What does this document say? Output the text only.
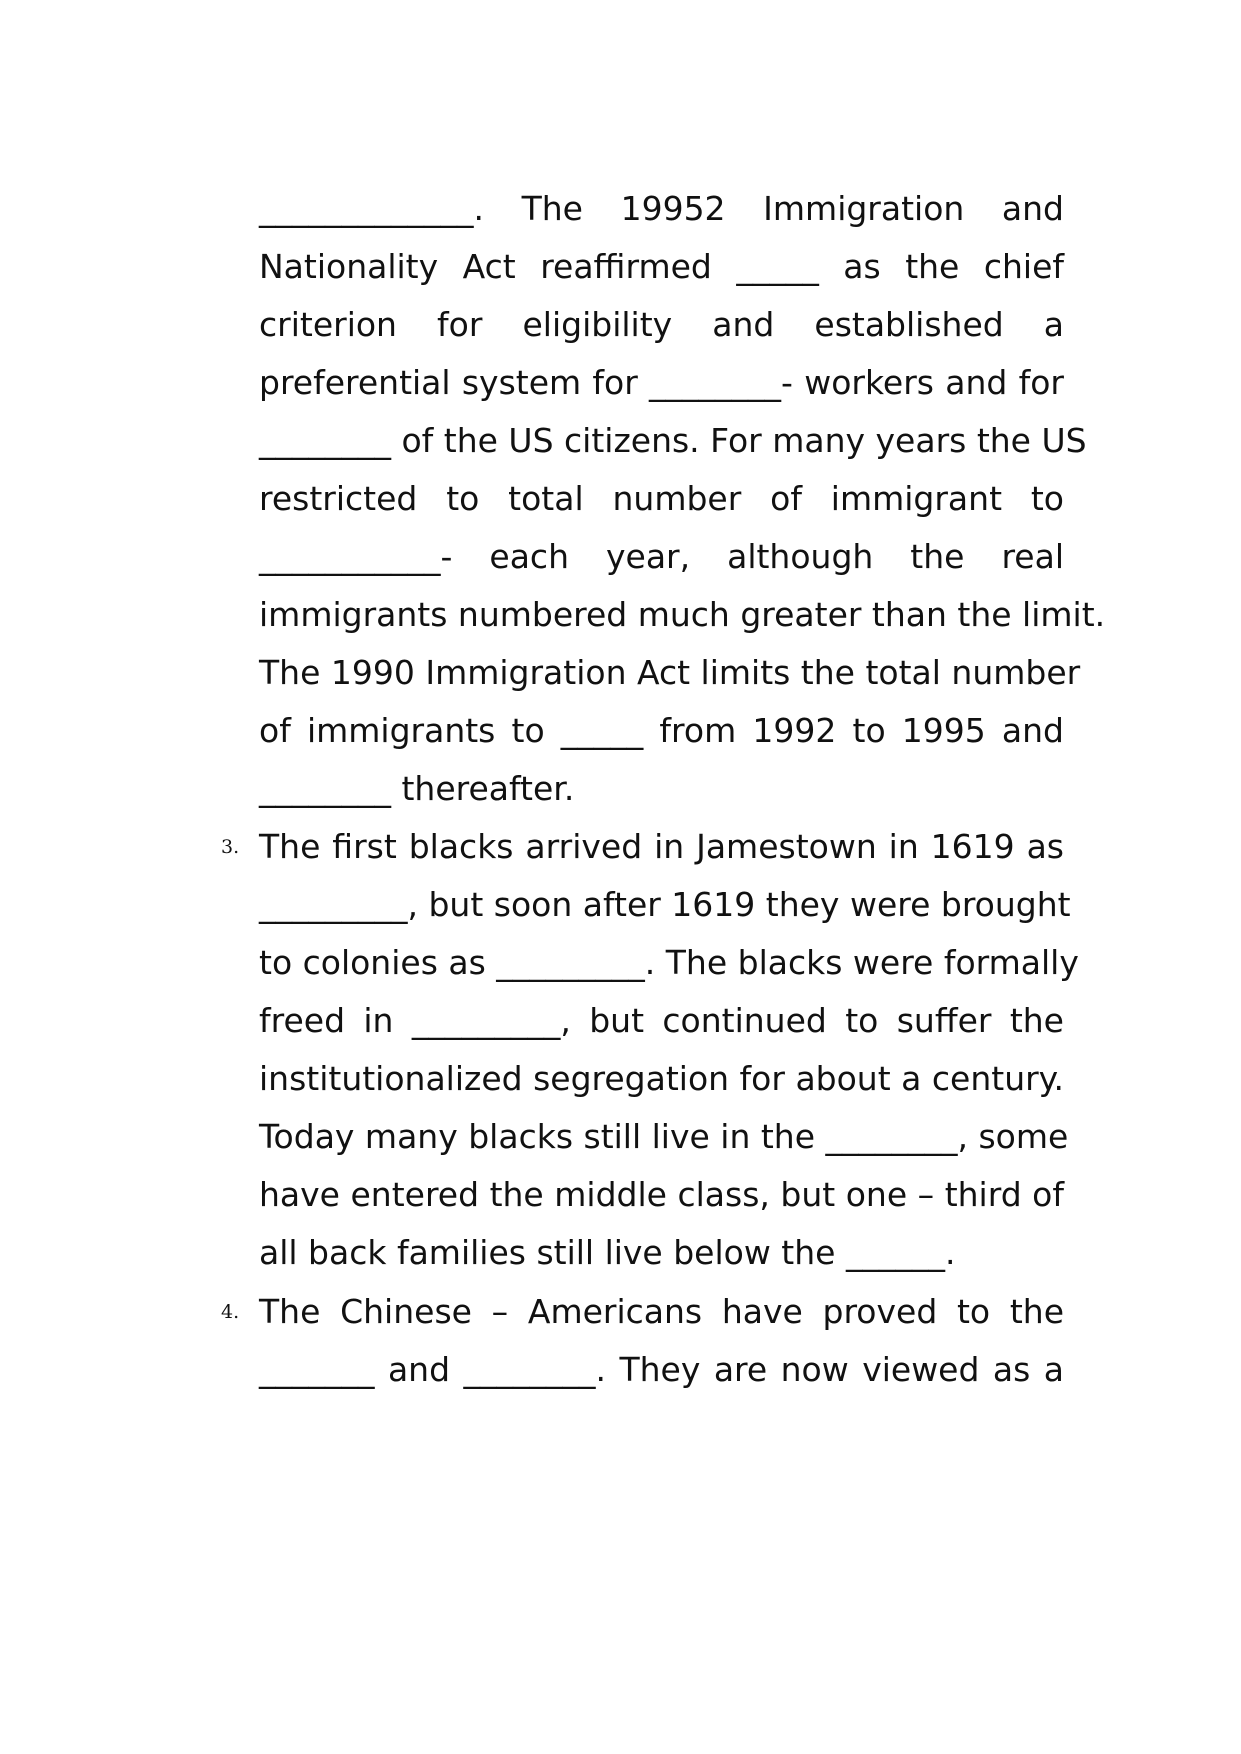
_____________. The 19952 Immigration and
Nationality Act reaffirmed _____ as the chief
criterion for eligibility and established a
preferential system for ________- workers and for
________ of the US citizens. For many years the US
restricted to total number of immigrant to
___________- each year, although the real
immigrants numbered much greater than the limit.
The 1990 Immigration Act limits the total number
of immigrants to _____ from 1992 to 1995 and
________ thereafter.
3. The first blacks arrived in Jamestown in 1619 as
_________, but soon after 1619 they were brought
to colonies as _________. The blacks were formally
freed in _________, but continued to suffer the
institutionalized segregation for about a century.
Today many blacks still live in the ________, some
have entered the middle class, but one – third of
all back families still live below the ______.
4. The Chinese – Americans have proved to the
_______ and ________. They are now viewed as a
